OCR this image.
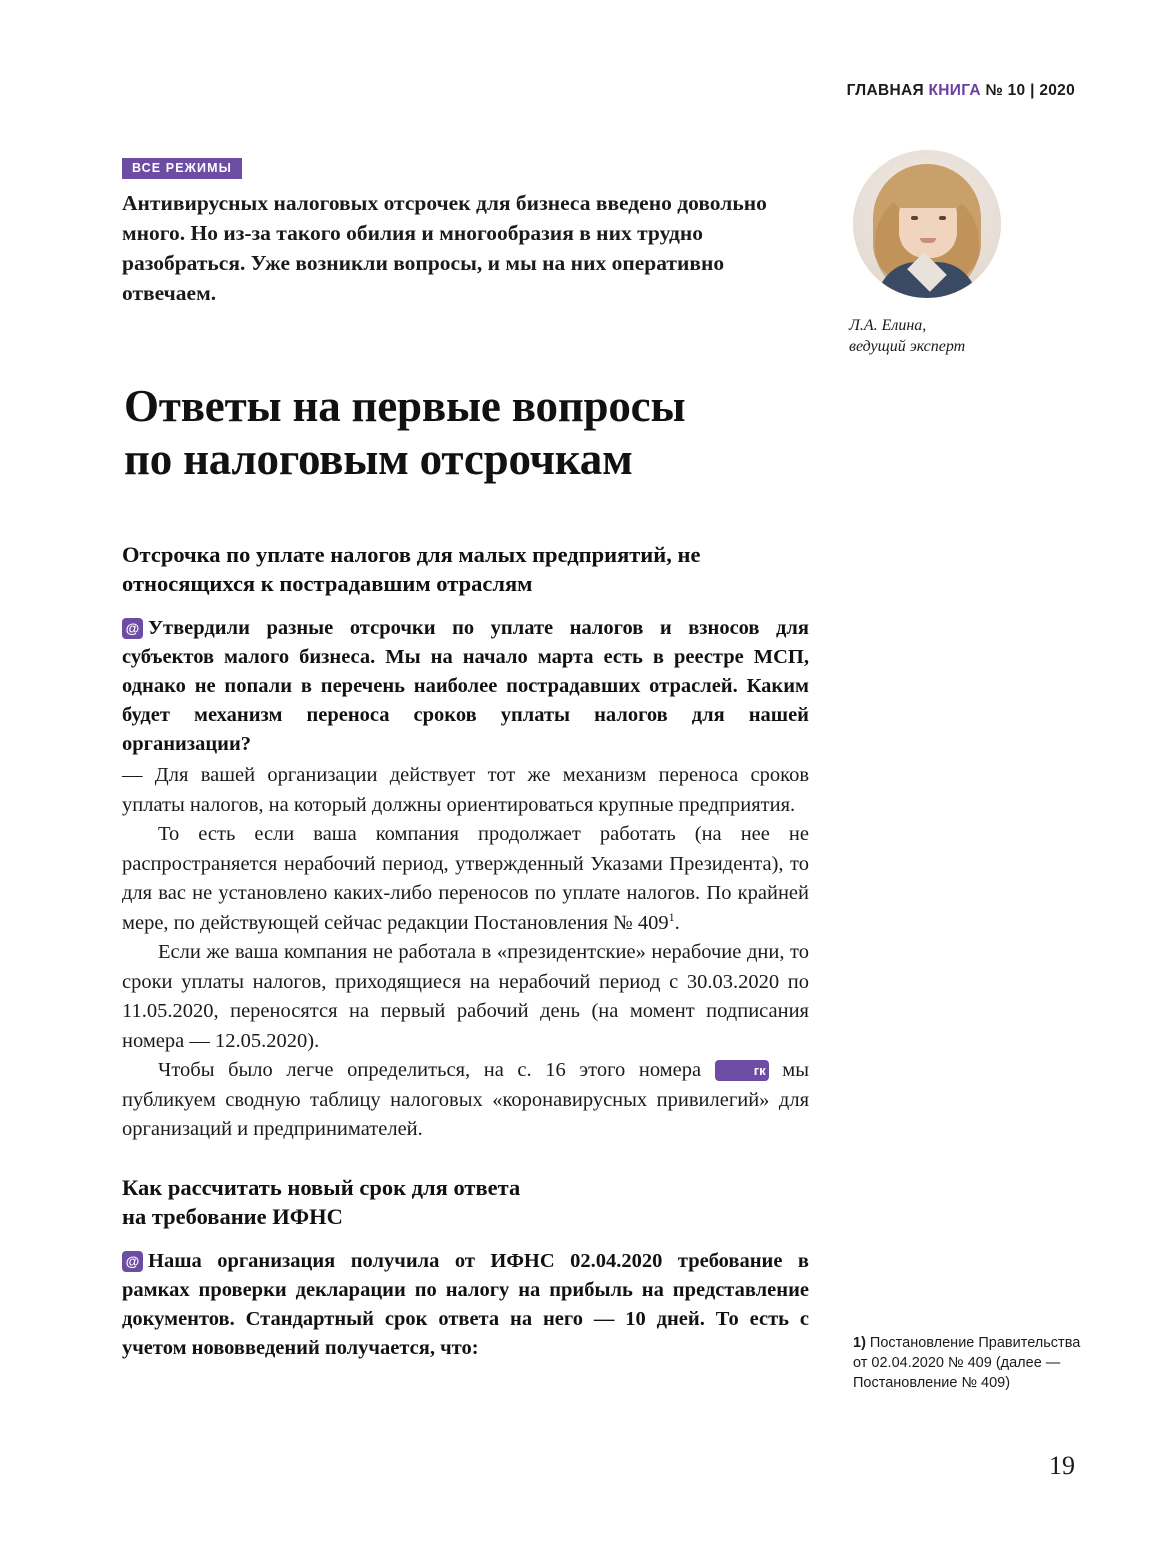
ГЛАВНАЯ КНИГА № 10 | 2020
ВСЕ РЕЖИМЫ
Антивирусных налоговых отсрочек для бизнеса введено довольно много. Но из-за такого обилия и многообразия в них трудно разобраться. Уже возникли вопросы, и мы на них оперативно отвечаем.
Л.А. Елина,
ведущий эксперт
Ответы на первые вопросы
по налоговым отсрочкам
Отсрочка по уплате налогов для малых предприятий, не относящихся к пострадавшим отраслям

@ Утвердили разные отсрочки по уплате налогов и взносов для субъектов малого бизнеса. Мы на начало марта есть в реестре МСП, однако не попали в перечень наиболее пострадавших отраслей. Каким будет механизм переноса сроков уплаты налогов для нашей организации?

— Для вашей организации действует тот же механизм переноса сроков уплаты налогов, на который должны ориентироваться крупные предприятия.

То есть если ваша компания продолжает работать (на нее не распространяется нерабочий период, утвержденный Указами Президента), то для вас не установлено каких-либо переносов по уплате налогов. По крайней мере, по действующей сейчас редакции Постановления № 409$^1$.

Если же ваша компания не работала в «президентские» нерабочие дни, то сроки уплаты налогов, приходящиеся на нерабочий период с 30.03.2020 по 11.05.2020, переносятся на первый рабочий день (на момент подписания номера — 12.05.2020).

Чтобы было легче определиться, на с. 16 этого номера	гк мы публикуем сводную таблицу налоговых «коронавирусных привилегий» для организаций и предпринимателей.

Как рассчитать новый срок для ответа
на требование ИФНС

@ Наша организация получила от ИФНС 02.04.2020 требование в рамках проверки декларации по налогу на прибыль на представление документов. Стандартный срок ответа на него — 10 дней. То есть с учетом нововведений получается, что:	1) Постановление Правительства от 02.04.2020 № 409 (далее — Постановление № 409)
19
